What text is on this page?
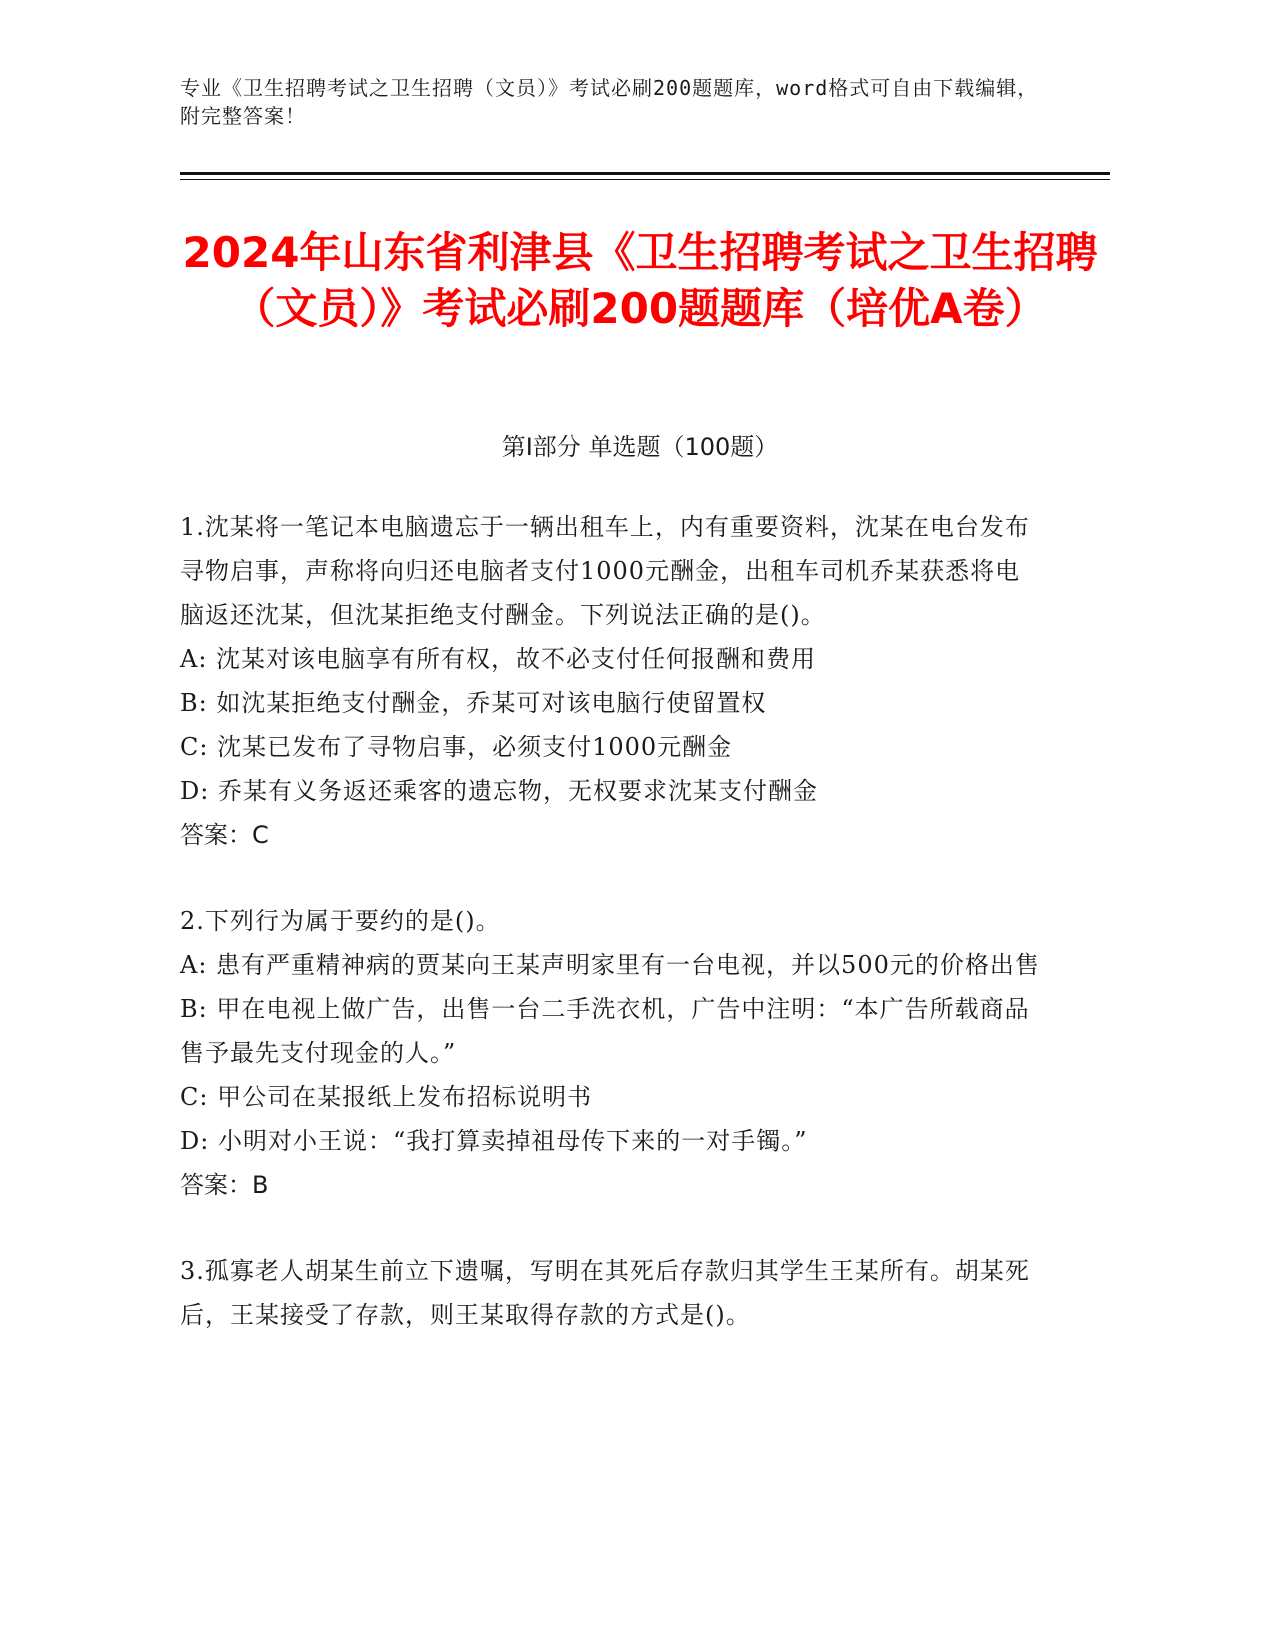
专业《卫生招聘考试之卫生招聘（文员）》考试必刷200题题库，word格式可自由下载编辑，附完整答案！
2024年山东省利津县《卫生招聘考试之卫生招聘（文员）》考试必刷200题题库（培优A卷）
第Ⅰ部分 单选题（100题）
1.沈某将一笔记本电脑遗忘于一辆出租车上，内有重要资料，沈某在电台发布寻物启事，声称将向归还电脑者支付1000元酬金，出租车司机乔某获悉将电脑返还沈某，但沈某拒绝支付酬金。下列说法正确的是()。
A: 沈某对该电脑享有所有权，故不必支付任何报酬和费用
B: 如沈某拒绝支付酬金，乔某可对该电脑行使留置权
C: 沈某已发布了寻物启事，必须支付1000元酬金
D: 乔某有义务返还乘客的遗忘物，无权要求沈某支付酬金
答案：C
2.下列行为属于要约的是()。
A: 患有严重精神病的贾某向王某声明家里有一台电视，并以500元的价格出售
B: 甲在电视上做广告，出售一台二手洗衣机，广告中注明：“本广告所载商品售予最先支付现金的人。”
C: 甲公司在某报纸上发布招标说明书
D: 小明对小王说：“我打算卖掉祖母传下来的一对手镯。”
答案：B
3.孤寡老人胡某生前立下遗嘱，写明在其死后存款归其学生王某所有。胡某死后，王某接受了存款，则王某取得存款的方式是()。
